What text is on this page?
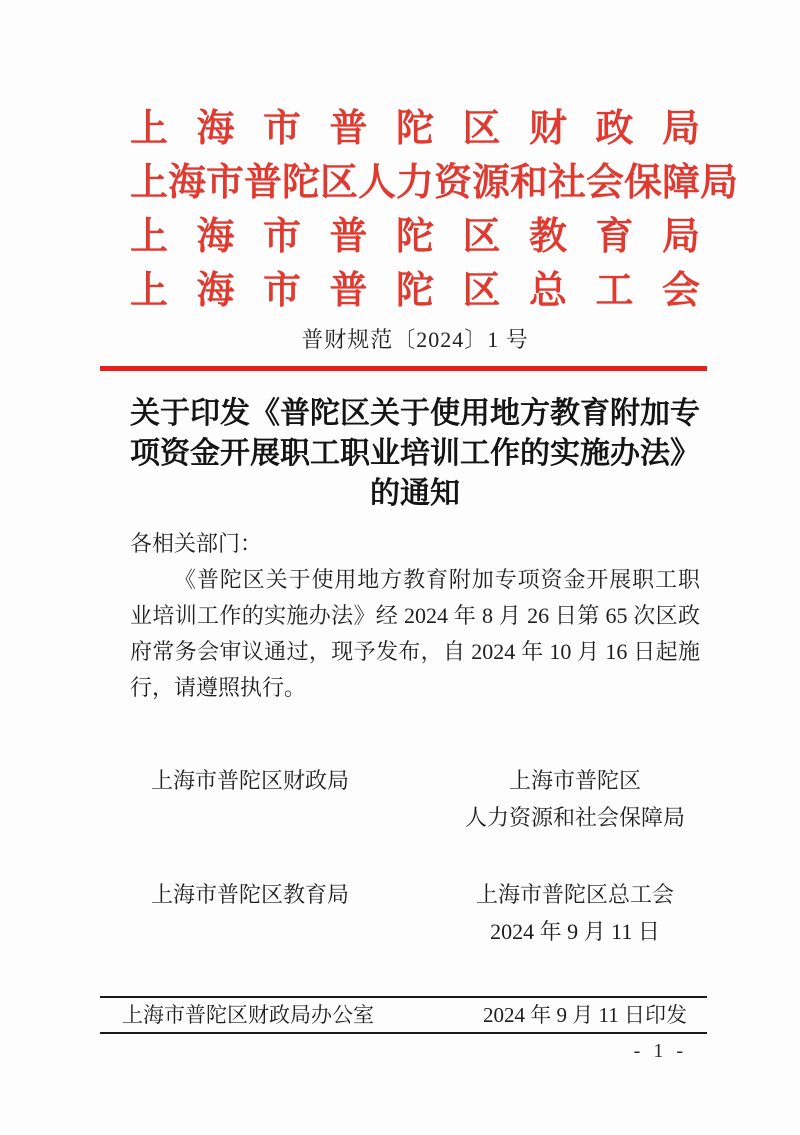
上海市普陀区财政局
上海市普陀区人力资源和社会保障局
上海市普陀区教育局
上海市普陀区总工会
普财规范〔2024〕1 号
关于印发《普陀区关于使用地方教育附加专
项资金开展职工职业培训工作的实施办法》
的通知

各相关部门：

《普陀区关于使用地方教育附加专项资金开展职工职业培训工作的实施办法》经 2024 年 8 月 26 日第 65 次区政府常务会审议通过，现予发布，自 2024 年 10 月 16 日起施行，请遵照执行。

上海市普陀区财政局	上海市普陀区
人力资源和社会保障局
上海市普陀区教育局	上海市普陀区总工会
2024 年 9 月 11 日
上海市普陀区财政局办公室	2024 年 9 月 11 日印发
- 1 -
